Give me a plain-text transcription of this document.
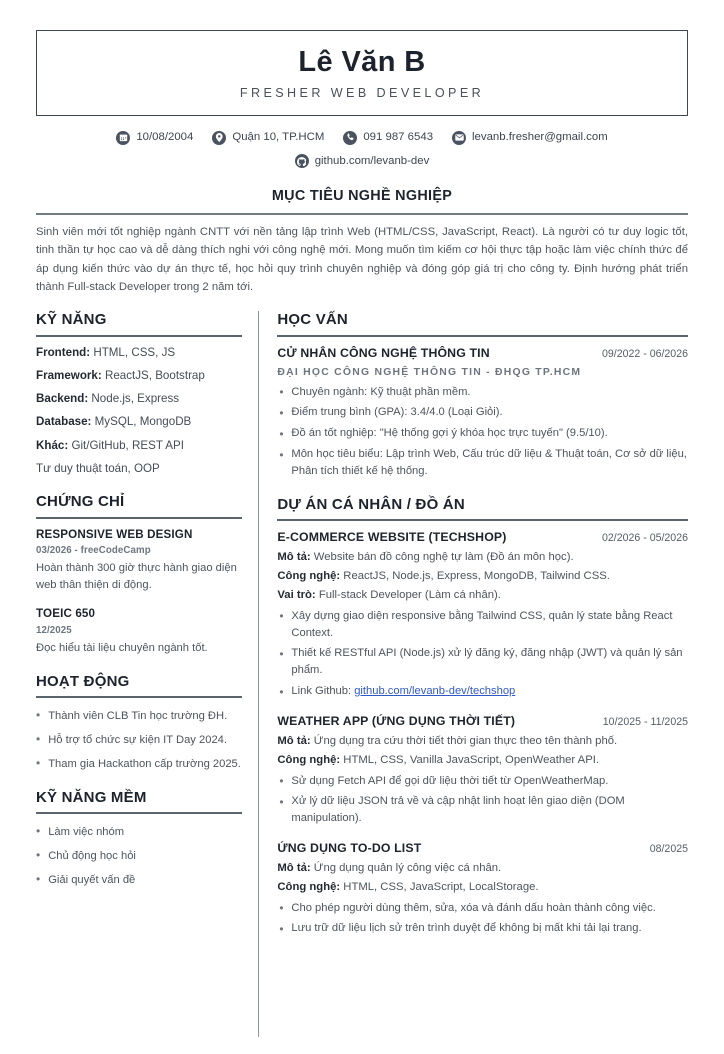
Lê Văn B
FRESHER WEB DEVELOPER
10/08/2004	Quận 10, TP.HCM	091 987 6543	levanb.fresher@gmail.com
github.com/levanb-dev
MỤC TIÊU NGHỀ NGHIỆP
Sinh viên mới tốt nghiệp ngành CNTT với nền tảng lập trình Web (HTML/CSS, JavaScript, React). Là người có tư duy logic tốt, tinh thần tự học cao và dễ dàng thích nghi với công nghệ mới. Mong muốn tìm kiếm cơ hội thực tập hoặc làm việc chính thức để áp dụng kiến thức vào dự án thực tế, học hỏi quy trình chuyên nghiệp và đóng góp giá trị cho công ty. Định hướng phát triển thành Full-stack Developer trong 2 năm tới.
KỸ NĂNG
Frontend: HTML, CSS, JS
Framework: ReactJS, Bootstrap
Backend: Node.js, Express
Database: MySQL, MongoDB
Khác: Git/GitHub, REST API
Tư duy thuật toán, OOP
CHỨNG CHỈ
RESPONSIVE WEB DESIGN
03/2026 - freeCodeCamp
Hoàn thành 300 giờ thực hành giao diện web thân thiện di động.
TOEIC 650
12/2025
Đọc hiểu tài liệu chuyên ngành tốt.
HOẠT ĐỘNG
• Thành viên CLB Tin học trường ĐH.
• Hỗ trợ tổ chức sự kiện IT Day 2024.
• Tham gia Hackathon cấp trường 2025.
KỸ NĂNG MỀM
• Làm việc nhóm
• Chủ động học hỏi
• Giải quyết vấn đề
HỌC VẤN
CỬ NHÂN CÔNG NGHỆ THÔNG TIN	09/2022 - 06/2026
ĐẠI HỌC CÔNG NGHỆ THÔNG TIN - ĐHQG TP.HCM
• Chuyên ngành: Kỹ thuật phần mềm.
• Điểm trung bình (GPA): 3.4/4.0 (Loại Giỏi).
• Đồ án tốt nghiệp: "Hệ thống gợi ý khóa học trực tuyến" (9.5/10).
• Môn học tiêu biểu: Lập trình Web, Cấu trúc dữ liệu & Thuật toán, Cơ sở dữ liệu, Phân tích thiết kế hệ thống.
DỰ ÁN CÁ NHÂN / ĐỒ ÁN
E-COMMERCE WEBSITE (TECHSHOP)	02/2026 - 05/2026
Mô tả: Website bán đồ công nghệ tự làm (Đồ án môn học).
Công nghệ: ReactJS, Node.js, Express, MongoDB, Tailwind CSS.
Vai trò: Full-stack Developer (Làm cá nhân).
• Xây dựng giao diện responsive bằng Tailwind CSS, quản lý state bằng React Context.
• Thiết kế RESTful API (Node.js) xử lý đăng ký, đăng nhập (JWT) và quản lý sản phẩm.
• Link Github: github.com/levanb-dev/techshop
WEATHER APP (ỨNG DỤNG THỜI TIẾT)	10/2025 - 11/2025
Mô tả: Ứng dụng tra cứu thời tiết thời gian thực theo tên thành phố.
Công nghệ: HTML, CSS, Vanilla JavaScript, OpenWeather API.
• Sử dụng Fetch API để gọi dữ liệu thời tiết từ OpenWeatherMap.
• Xử lý dữ liệu JSON trả về và cập nhật linh hoạt lên giao diện (DOM manipulation).
ỨNG DỤNG TO-DO LIST	08/2025
Mô tả: Ứng dụng quản lý công việc cá nhân.
Công nghệ: HTML, CSS, JavaScript, LocalStorage.
• Cho phép người dùng thêm, sửa, xóa và đánh dấu hoàn thành công việc.
• Lưu trữ dữ liệu lịch sử trên trình duyệt để không bị mất khi tải lại trang.
